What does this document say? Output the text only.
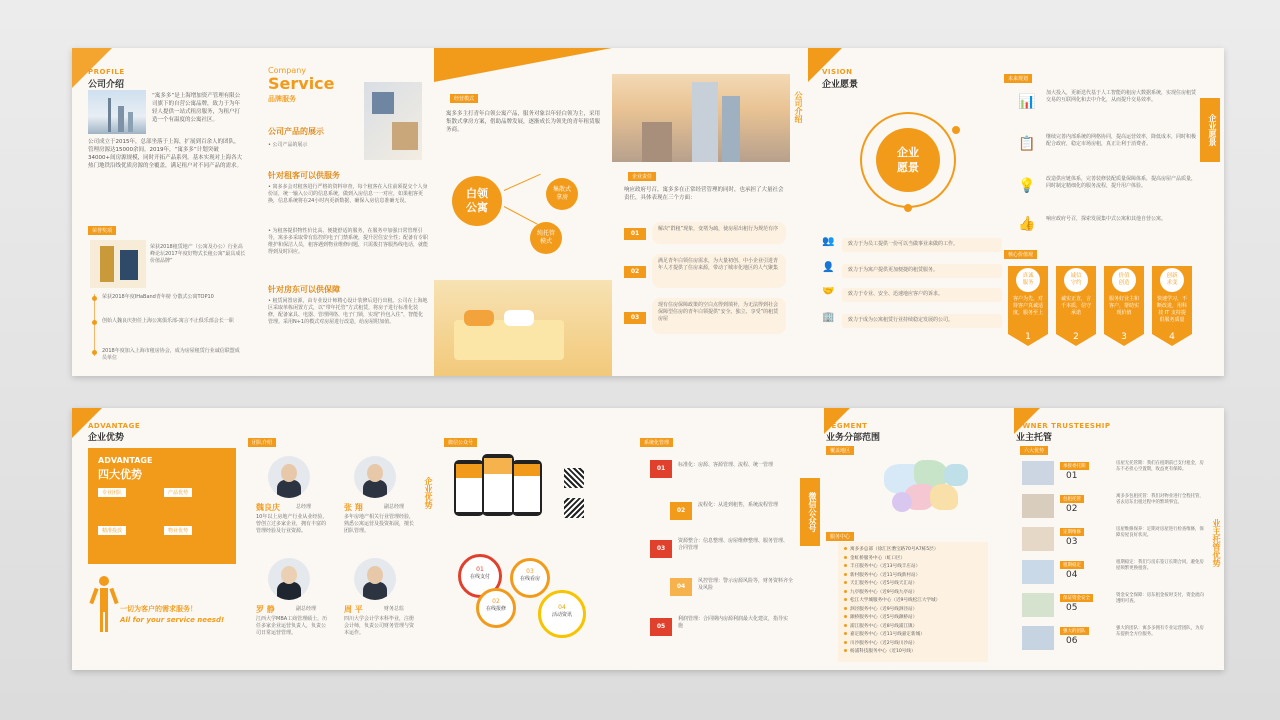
PROFILE
公司介绍
“寓多多”是上海增加资产管理有限公司旗下的自营公寓品牌，致力于为年轻人提供一站式租房服务，为租户打造一个有温度的公寓社区。
公司成立于2015年，总部坐落于上海，扩展到百余人的团队，管理房源达15000余间。2019年，“寓多多”计划突破34000+间房源规模，同时开拓产品系列。基本实现对上海各大热门地铁沿线优质房源的全覆盖，满足租户对不同产品的需求。
荣誉奖项
荣获2018租赁地产（公寓及办公）行业高峰论坛2017年度好物式长租公寓“最具成长价值品牌”
荣获2018年度IHaBand青年榜 分散式公寓TOP10
创始人魏良庆担任上海公寓俱乐部-寓言不止俱乐部会长一职
2018年度加入上海市租房协会，成为房屋租赁行业诚信联盟成员单位
Company
Service
品牌服务
公司产品的展示
• 公司产品的展示
针对租客可以供服务
• 寓多多会对租客进行严格的资料审查，每个租客在入住前须提交个人身份证，统一输入公司的信息系统，做到入房信息一一对应，如果租客更换，信息系统将在24小时内更新数据，确保入房信息准确无误。
• 为租客提供物性价比高、便捷舒适的服务，在服务中加强日常管理引导，寓多多采取带有监控的电子门禁系统，提升居住安全性；配备有专职维护和保洁人员，租客遇到物业维修问题，只需拨打客服热线电话，就能得到及时回应。
针对房东可以供保障
• 租赁闲置房源，由专业设计师精心设计装修后进行出租。公司在上海地区采取单栋闲置方式，以“带年托管”方式租赁，将房子进行标准化装修，配备家具、电器、管理网络、电子门锁，实现“拎包入住”，智能化管理。采用N+1的模式对房屋进行改造，给房屋附加值。
经营模式
寓多多主打青年白领公寓产品，服务对象以年轻白领为主，采用集散式拿房方案，借助品牌发展，逐渐成长为领先的青年租赁服务商。
白领
公寓
集散式
拿房
纯托管
模式
公司介绍
企业责任
响应政府号召，寓多多在正常经营管理的同时，也承担了大量社会责任，具体表现在三个方面：
01
解决“群租”现象，变堵为疏，使房屋出租行为规范有序
02
满足青年白领住房需求，为大量初创、中小企业引进青年人才提供了住房来源，带动了城市化地区的人气聚集
03
现有住房保障政策的空白点得到填补，为无法得到社会保障型住房的青年白领提供“安全、独立、享受”的租赁房屋
VISION
企业愿景
企业
愿景
👥	致力于为员工提供一份可以当做事业来做的工作。
👤	致力于为寓户提供更加便捷的租赁服务。
🤝	致力于专业、安全、迅速地应客户的诉求。
🏢	致力于成为公寓租赁行业持续稳定发展的公司。
未来规划
📊
加大投入，更新迭代基于人工智能的租房大数据系统，实现住房租赁交易的互联网化和去中介化，从而提升交易效率。
📋 继续完善内部系统的网格协同，提高运营效率，降低成本，同时积极配合政府，稳定市场房租，真正让利于消费者。
💡 改造供应链体系，完善装修装配质量保障体系，提高房屋产品质量，同时制定精细化的服务流程，提升用户体验。
👍 响应政府号召，探索发展集中式公寓和其他自营公寓。
企业愿景
核心价值观
真诚
服务
客户为先，对待客户真诚适度，服务至上
1
诚信
守约
诚实正直，言千本质，信守承诺
2
价值
创造
服务好业主和客户，帮助实现价值
3
创新
求变
快速学习，不断改进，用科技 IT 支持提供服务质量
4
ADVANTAGE
企业优势
ADVANTAGE
四大优势
专业团队	产品优势
精准投放	物业优势
一切为客户的需求服务！
All for your service neesd!
团队介绍
企业优势
魏良庆	总经理
10年以上房地产行业从业经验，曾创立过多家企业，拥有丰富的管理经验及行业资源。
张 翔	副总经理
多年房地产相关行业管理经验，熟悉公寓运营及投资拓展，擅长团队管理。
罗 静	副总经理
江西大学MBA工商管理硕士，历任多家企业运营负责人，负责公司日常运营管理。
周 平	财务总监
四川大学会计学本科毕业，注册会计师，负责公司财务管理与资本运作。
微信公众号
01
在线支付
02
在线报修
03
在线看房
04
活动资讯
系统化管理
微信公众号
01	标准化：房源、客源管理、流程、统一管理
02
流程化：从进到租售，系统流程管理
03
资源整合：信息整理、房屋维修整理、服务管理、合同管理
04
风控管理：警示房源风险等，财务资料齐全及风险
05
利润管理：合同期内房源利润最大化建议，指导实施
SEGMENT
业务分部范围
覆盖地区
服务中心
寓多多总部（徐汇区漕宝路70号A7栋5层）
金虹桥服务中心（虹口区）
丰庄服务中心（近13号线丰庄站）
新村服务中心（近11号线新村站）
天汇服务中心（近5号线天汇站）
九亭服务中心（近9号线九亭站）
松江大学城服务中心（近9号线松江大学城）
泗泾服务中心（近9号线泗泾站）
颛桥服务中心（近5号线颛桥站）
浦江服务中心（近8号线浦江镇）
嘉定服务中心（近11号线嘉定新城）
川沙服务中心（近2号线川沙站）
杨浦科技服务中心（近10号线）
OWNER TRUSTEESHIP
业主托管
六大优势
业主托管优势
承接委托期
01
房屋无托管期：我们在租期前已支付租金，房东不必担心空置期，收益更有保障。
包租托管
02
寓多多包租托管：我们对物业进行全程托管，省去房东出租过程中的繁琐事宜。
定期维修
03
房屋维修保养：定期对房屋进行检查维修，保障房屋良好状况。
租期稳定
04
租期稳定：我们与房东签订长期合同，避免房屋频繁更换租客。
保证资金安全
05
资金安全保障：房东租金按时支付，资金流向透明可查。
强大的团队
06
强大的团队：寓多多拥有专业运营团队，为房东提供全方位服务。
